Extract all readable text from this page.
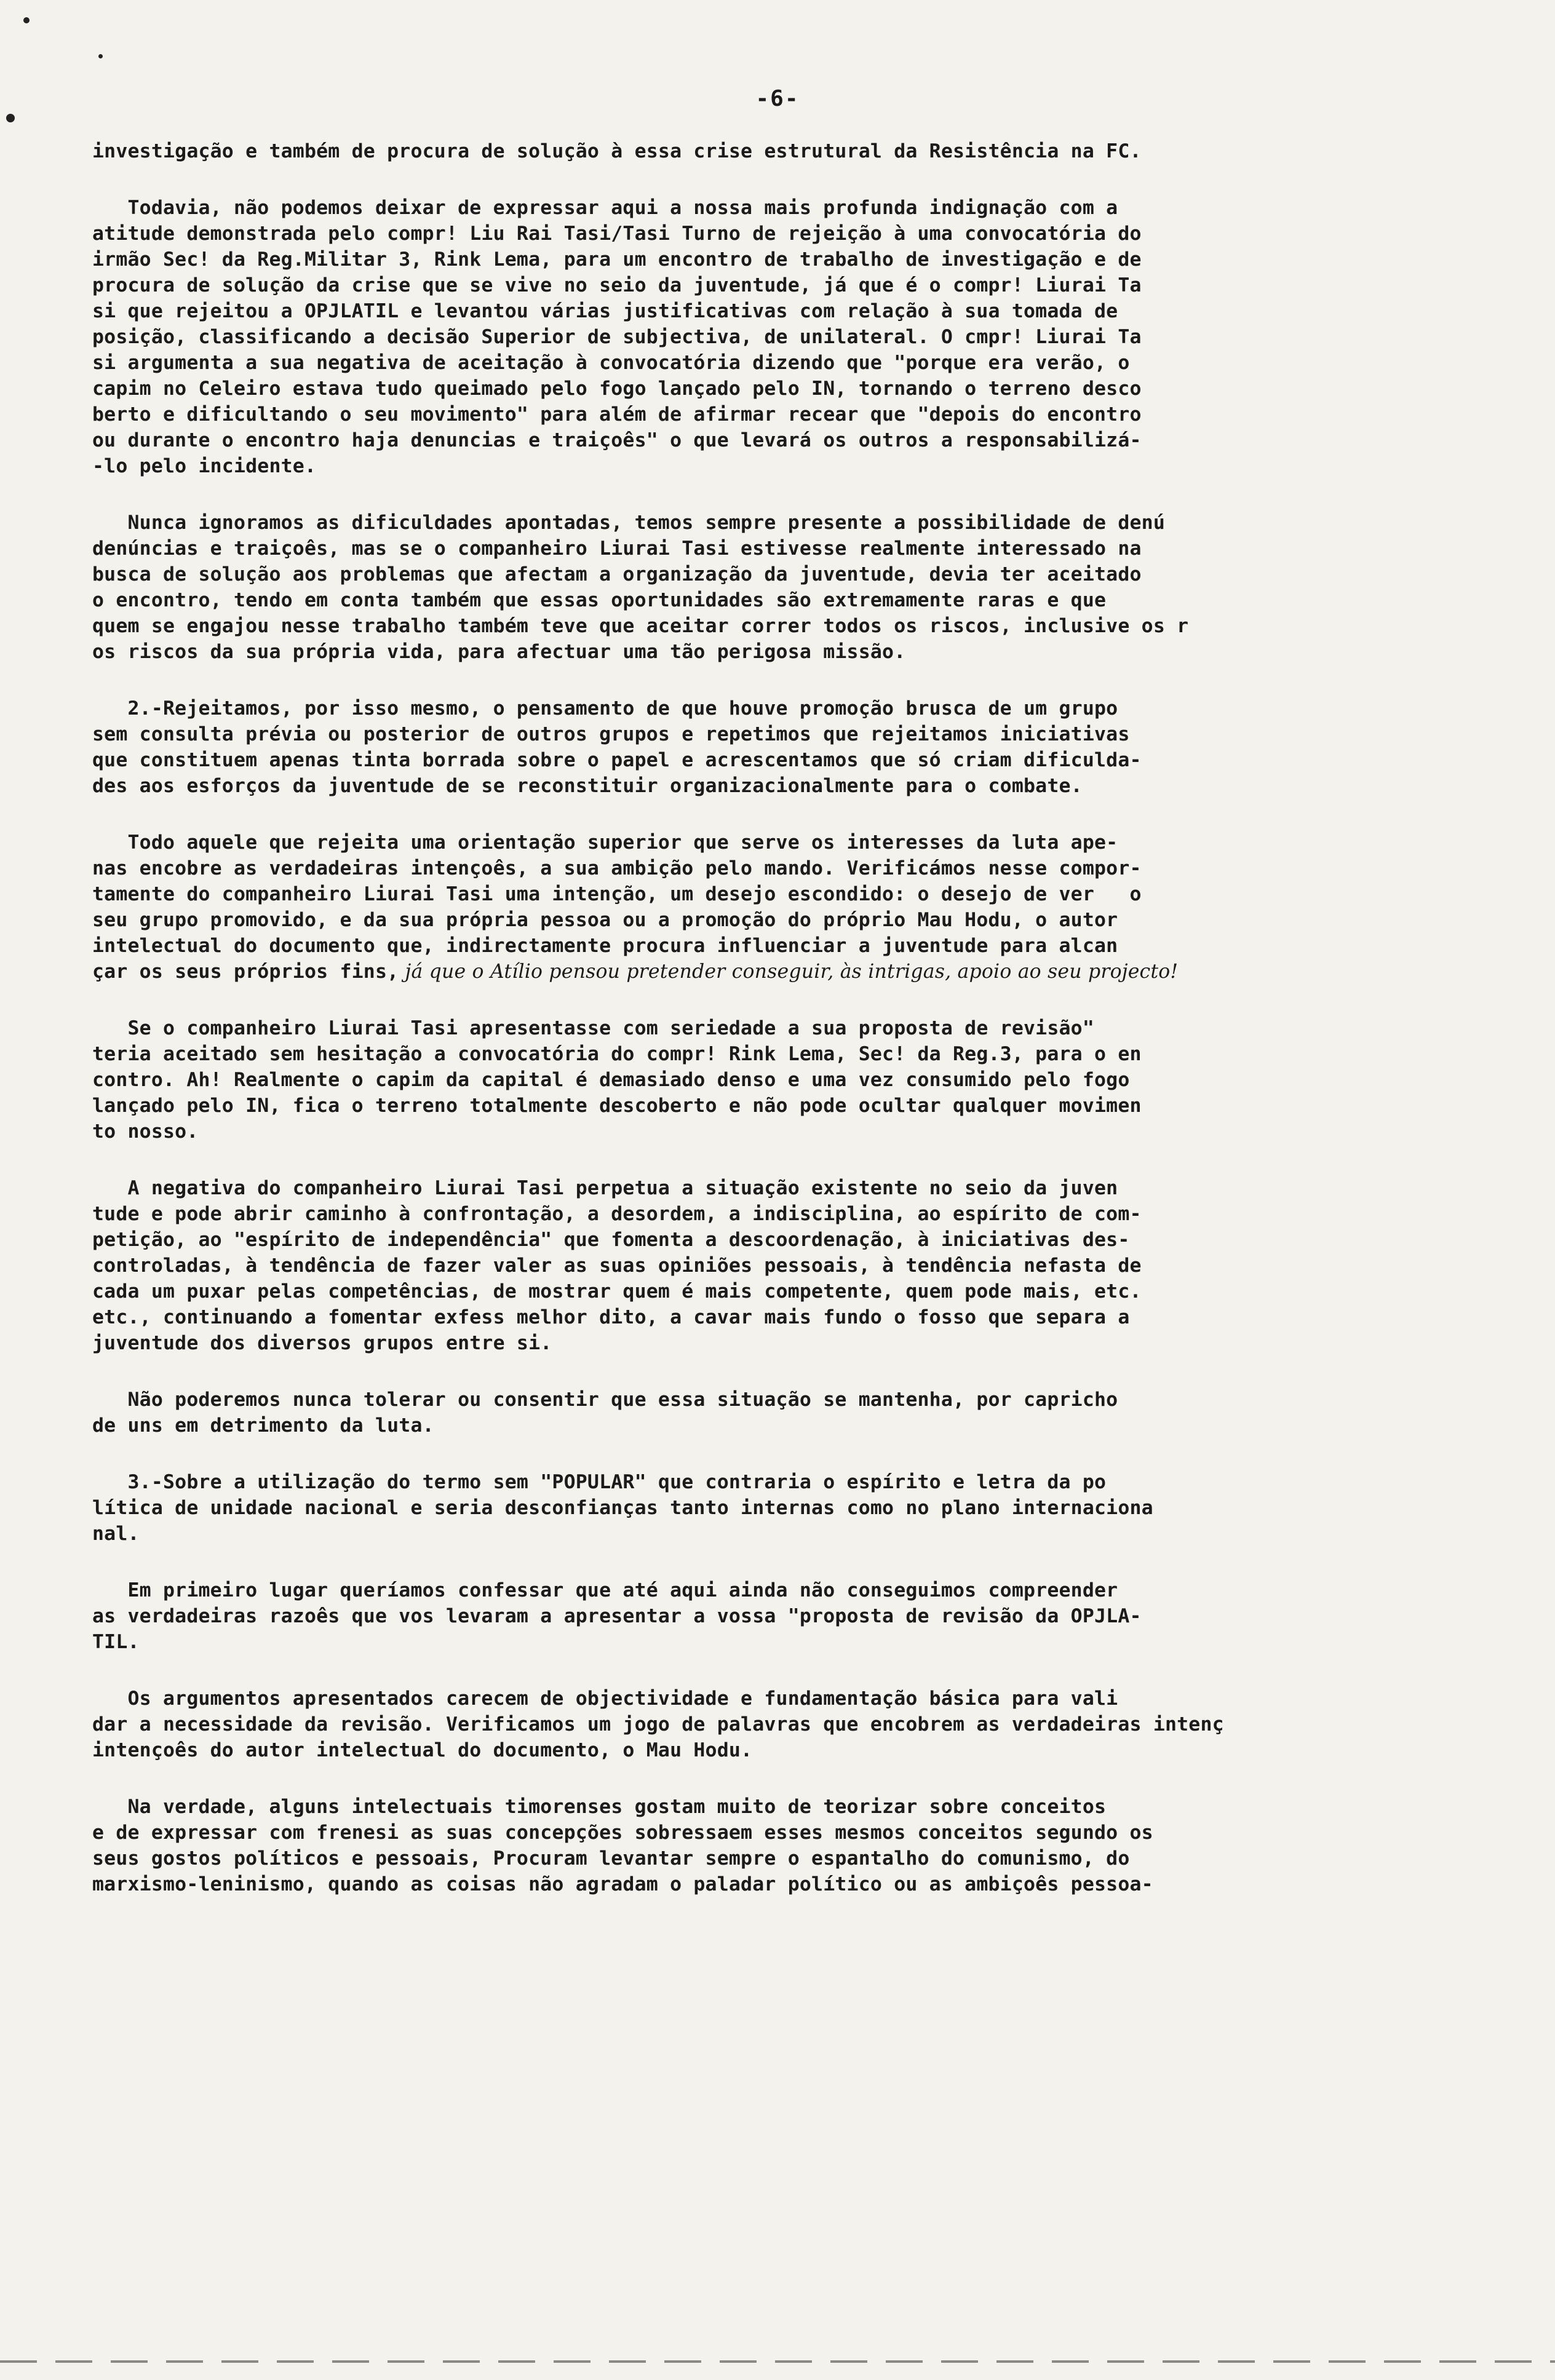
-6-
investigação e também de procura de solução à essa crise estrutural da Resistência na FC.
Todavia, não podemos deixar de expressar aqui a nossa mais profunda indignação com a
atitude demonstrada pelo compr! Liu Rai Tasi/Tasi Turno de rejeição à uma convocatória do
irmão Sec! da Reg.Militar 3, Rink Lema, para um encontro de trabalho de investigação e de
procura de solução da crise que se vive no seio da juventude, já que é o compr! Liurai Ta
si que rejeitou a OPJLATIL e levantou várias justificativas com relação à sua tomada de
posição, classificando a decisão Superior de subjectiva, de unilateral. O cmpr! Liurai Ta
si argumenta a sua negativa de aceitação à convocatória dizendo que "porque era verão, o
capim no Celeiro estava tudo queimado pelo fogo lançado pelo IN, tornando o terreno desco
berto e dificultando o seu movimento" para além de afirmar recear que "depois do encontro
ou durante o encontro haja denuncias e traiçoês" o que levará os outros a responsabilizá-
-lo pelo incidente.
Nunca ignoramos as dificuldades apontadas, temos sempre presente a possibilidade de denú
denúncias e traiçoês, mas se o companheiro Liurai Tasi estivesse realmente interessado na
busca de solução aos problemas que afectam a organização da juventude, devia ter aceitado
o encontro, tendo em conta também que essas oportunidades são extremamente raras e que
quem se engajou nesse trabalho também teve que aceitar correr todos os riscos, inclusive os r
os riscos da sua própria vida, para afectuar uma tão perigosa missão.
2.-Rejeitamos, por isso mesmo, o pensamento de que houve promoção brusca de um grupo
sem consulta prévia ou posterior de outros grupos e repetimos que rejeitamos iniciativas
que constituem apenas tinta borrada sobre o papel e acrescentamos que só criam dificulda-
des aos esforços da juventude de se reconstituir organizacionalmente para o combate.
Todo aquele que rejeita uma orientação superior que serve os interesses da luta ape-
nas encobre as verdadeiras intençoês, a sua ambição pelo mando. Verificámos nesse compor-
tamente do companheiro Liurai Tasi uma intenção, um desejo escondido: o desejo de ver   o
seu grupo promovido, e da sua própria pessoa ou a promoção do próprio Mau Hodu, o autor
intelectual do documento que, indirectamente procura influenciar a juventude para alcan
çar os seus próprios fins, já que o Atílio pensou pretender conseguir, às intrigas, apoio ao seu projecto!
Se o companheiro Liurai Tasi apresentasse com seriedade a sua proposta de revisão"
teria aceitado sem hesitação a convocatória do compr! Rink Lema, Sec! da Reg.3, para o en
contro. Ah! Realmente o capim da capital é demasiado denso e uma vez consumido pelo fogo
lançado pelo IN, fica o terreno totalmente descoberto e não pode ocultar qualquer movimen
to nosso.
A negativa do companheiro Liurai Tasi perpetua a situação existente no seio da juven
tude e pode abrir caminho à confrontação, a desordem, a indisciplina, ao espírito de com-
petição, ao "espírito de independência" que fomenta a descoordenação, à iniciativas des-
controladas, à tendência de fazer valer as suas opiniões pessoais, à tendência nefasta de
cada um puxar pelas competências, de mostrar quem é mais competente, quem pode mais, etc.
etc., continuando a fomentar exfess melhor dito, a cavar mais fundo o fosso que separa a
juventude dos diversos grupos entre si.
Não poderemos nunca tolerar ou consentir que essa situação se mantenha, por capricho
de uns em detrimento da luta.
3.-Sobre a utilização do termo sem "POPULAR" que contraria o espírito e letra da po
lítica de unidade nacional e seria desconfianças tanto internas como no plano internaciona
nal.
Em primeiro lugar queríamos confessar que até aqui ainda não conseguimos compreender
as verdadeiras razoês que vos levaram a apresentar a vossa "proposta de revisão da OPJLA-
TIL.
Os argumentos apresentados carecem de objectividade e fundamentação básica para vali
dar a necessidade da revisão. Verificamos um jogo de palavras que encobrem as verdadeiras intenç
intençoês do autor intelectual do documento, o Mau Hodu.
Na verdade, alguns intelectuais timorenses gostam muito de teorizar sobre conceitos
e de expressar com frenesi as suas concepções sobressaem esses mesmos conceitos segundo os
seus gostos políticos e pessoais, Procuram levantar sempre o espantalho do comunismo, do
marxismo-leninismo, quando as coisas não agradam o paladar político ou as ambiçoês pessoa-
